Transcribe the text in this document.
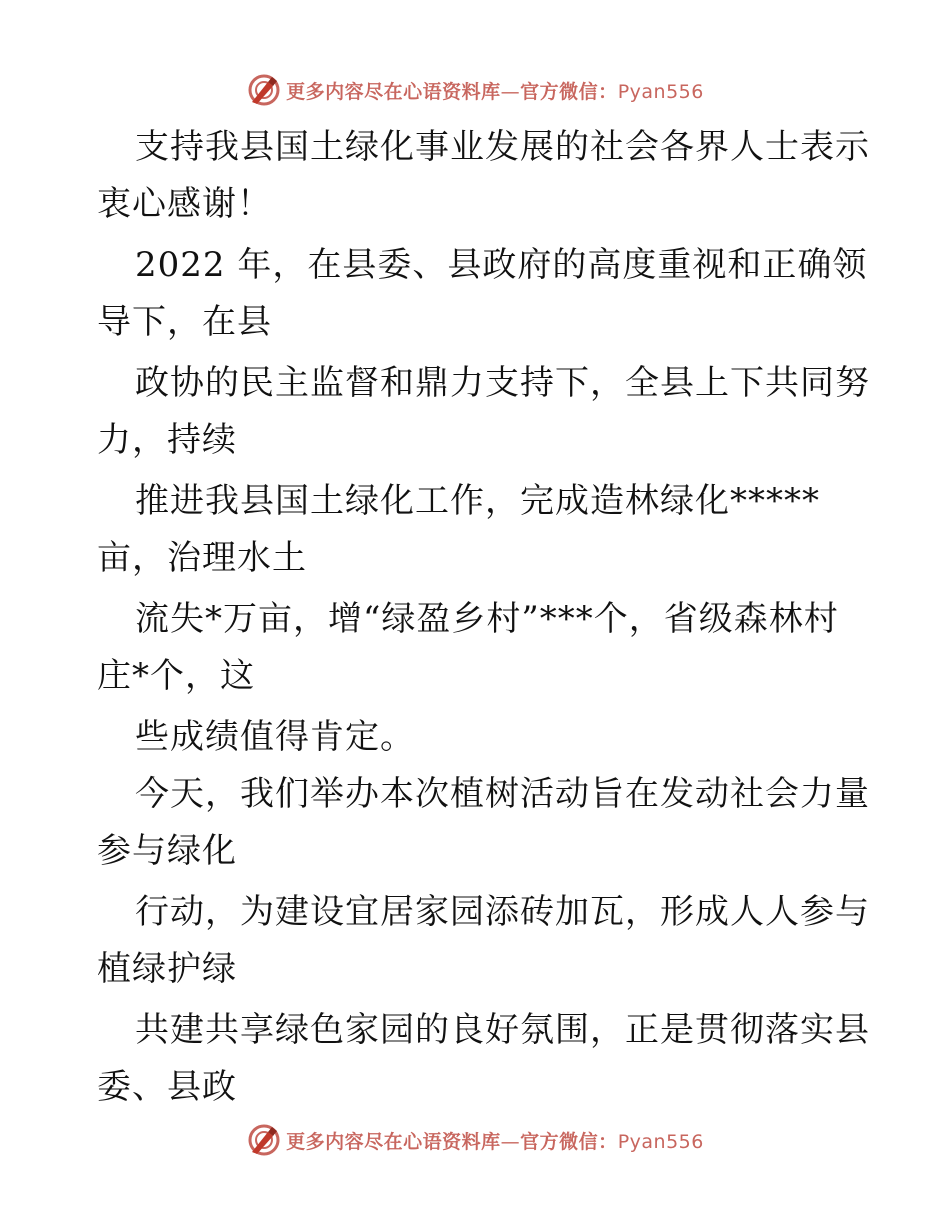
更多内容尽在心语资料库—官方微信：Pyan556
支持我县国土绿化事业发展的社会各界人士表示
衷心感谢！
2022 年，在县委、县政府的高度重视和正确领
导下，在县
政协的民主监督和鼎力支持下，全县上下共同努
力，持续
推进我县国土绿化工作，完成造林绿化*****
亩，治理水土
流失*万亩，增“绿盈乡村”***个，省级森林村
庄*个，这
些成绩值得肯定。
今天，我们举办本次植树活动旨在发动社会力量
参与绿化
行动，为建设宜居家园添砖加瓦，形成人人参与
植绿护绿
共建共享绿色家园的良好氛围，正是贯彻落实县
委、县政
更多内容尽在心语资料库—官方微信：Pyan556
